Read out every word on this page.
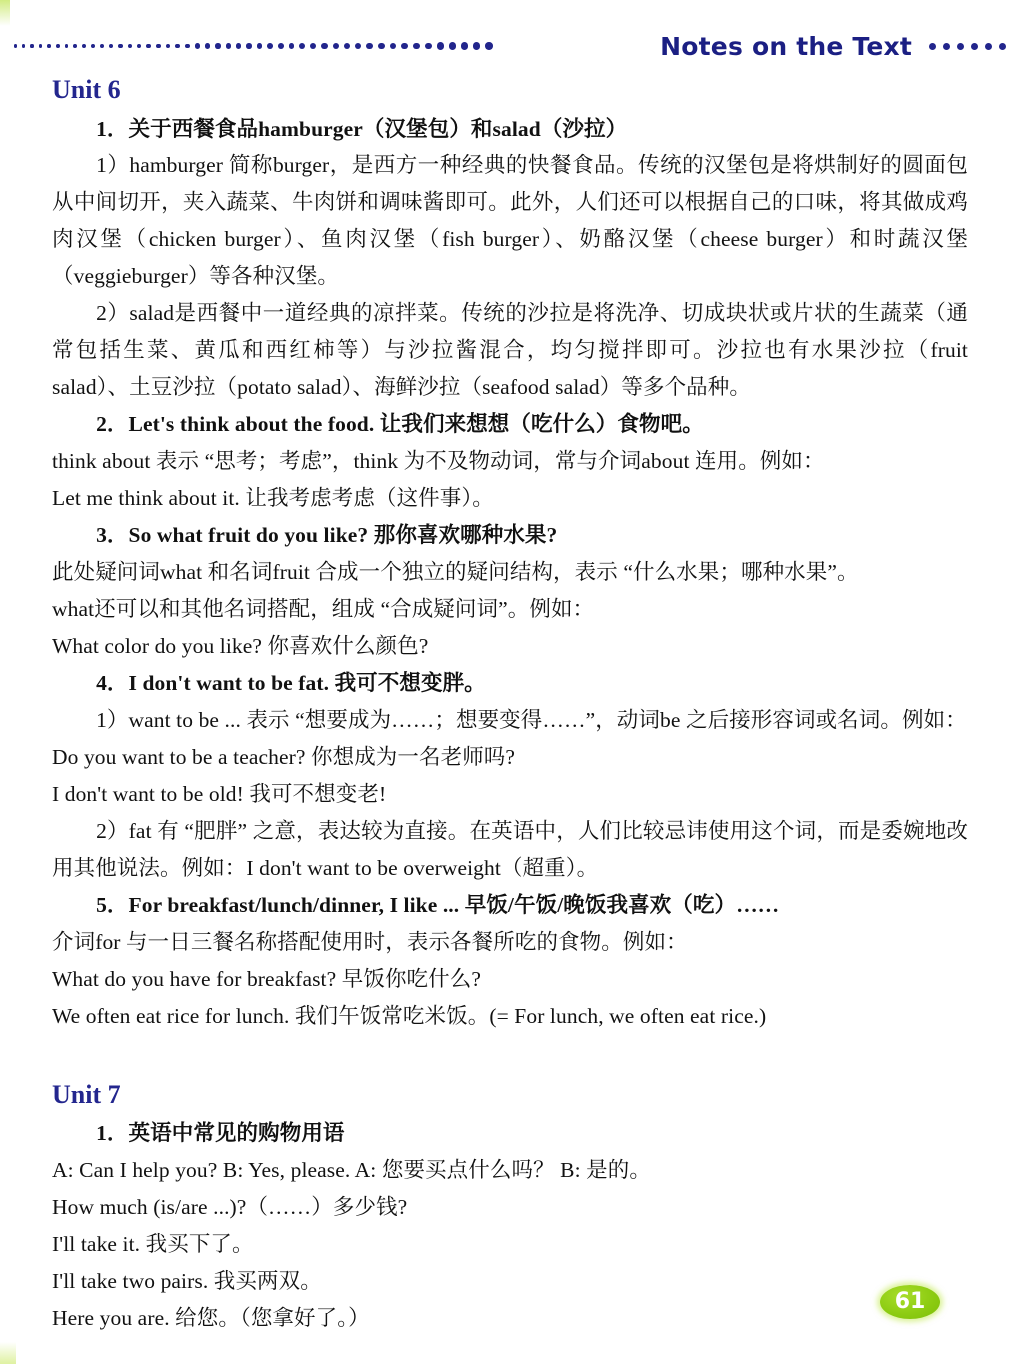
Notes on the Text
Unit 6

1．关于西餐食品hamburger（汉堡包）和salad（沙拉）

1）hamburger 简称burger，是西方一种经典的快餐食品。传统的汉堡包是将烘制好的圆面包从中间切开，夹入蔬菜、牛肉饼和调味酱即可。此外，人们还可以根据自己的口味，将其做成鸡肉汉堡（chicken burger）、鱼肉汉堡（fish burger）、奶酪汉堡（cheese burger）和时蔬汉堡（veggieburger）等各种汉堡。

2）salad是西餐中一道经典的凉拌菜。传统的沙拉是将洗净、切成块状或片状的生蔬菜（通常包括生菜、黄瓜和西红柿等）与沙拉酱混合，均匀搅拌即可。沙拉也有水果沙拉（fruit salad）、土豆沙拉（potato salad）、海鲜沙拉（seafood salad）等多个品种。

2．Let's think about the food. 让我们来想想（吃什么）食物吧。

think about 表示 “思考；考虑”，think 为不及物动词，常与介词about 连用。例如：

Let me think about it. 让我考虑考虑（这件事）。

3．So what fruit do you like? 那你喜欢哪种水果?

此处疑问词what 和名词fruit 合成一个独立的疑问结构，表示 “什么水果；哪种水果”。

what还可以和其他名词搭配，组成 “合成疑问词”。例如：

What color do you like? 你喜欢什么颜色?

4．I don't want to be fat. 我可不想变胖。

1）want to be ... 表示 “想要成为……；想要变得……”，动词be 之后接形容词或名词。例如：

Do you want to be a teacher? 你想成为一名老师吗?

I don't want to be old! 我可不想变老!

2）fat 有 “肥胖” 之意，表达较为直接。在英语中，人们比较忌讳使用这个词，而是委婉地改用其他说法。例如：I don't want to be overweight（超重）。

5．For breakfast/lunch/dinner, I like ... 早饭/午饭/晚饭我喜欢（吃）……

介词for 与一日三餐名称搭配使用时，表示各餐所吃的食物。例如：

What do you have for breakfast? 早饭你吃什么?

We often eat rice for lunch. 我们午饭常吃米饭。(= For lunch, we often eat rice.)

Unit 7

1．英语中常见的购物用语

A: Can I help you? B: Yes, please. A: 您要买点什么吗？ B: 是的。

How much (is/are ...)?（……）多少钱?

I'll take it. 我买下了。

I'll take two pairs. 我买两双。

Here you are. 给您。（您拿好了。）

61
